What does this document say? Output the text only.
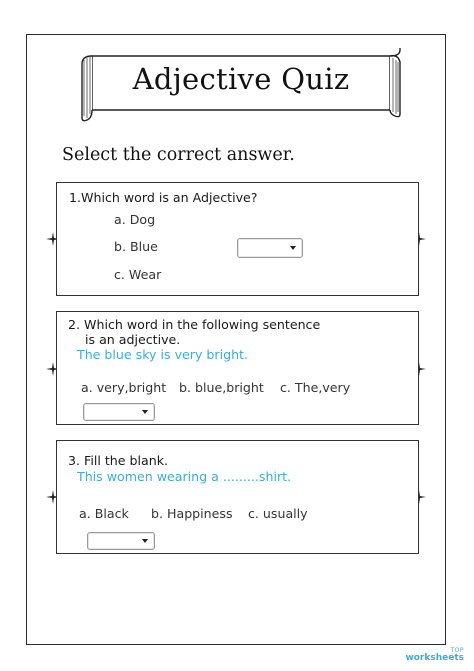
Adjective Quiz
Select the correct answer.
1.Which word is an Adjective?
a. Dog
b. Blue
c. Wear
2. Which word in the following sentence
is an adjective.
The blue sky is very bright.
a. very,bright b. blue,bright c. The,very
3. Fill the blank.
This women wearing a .........shirt.
a. Black b. Happiness c. usually
TOP
worksheets
